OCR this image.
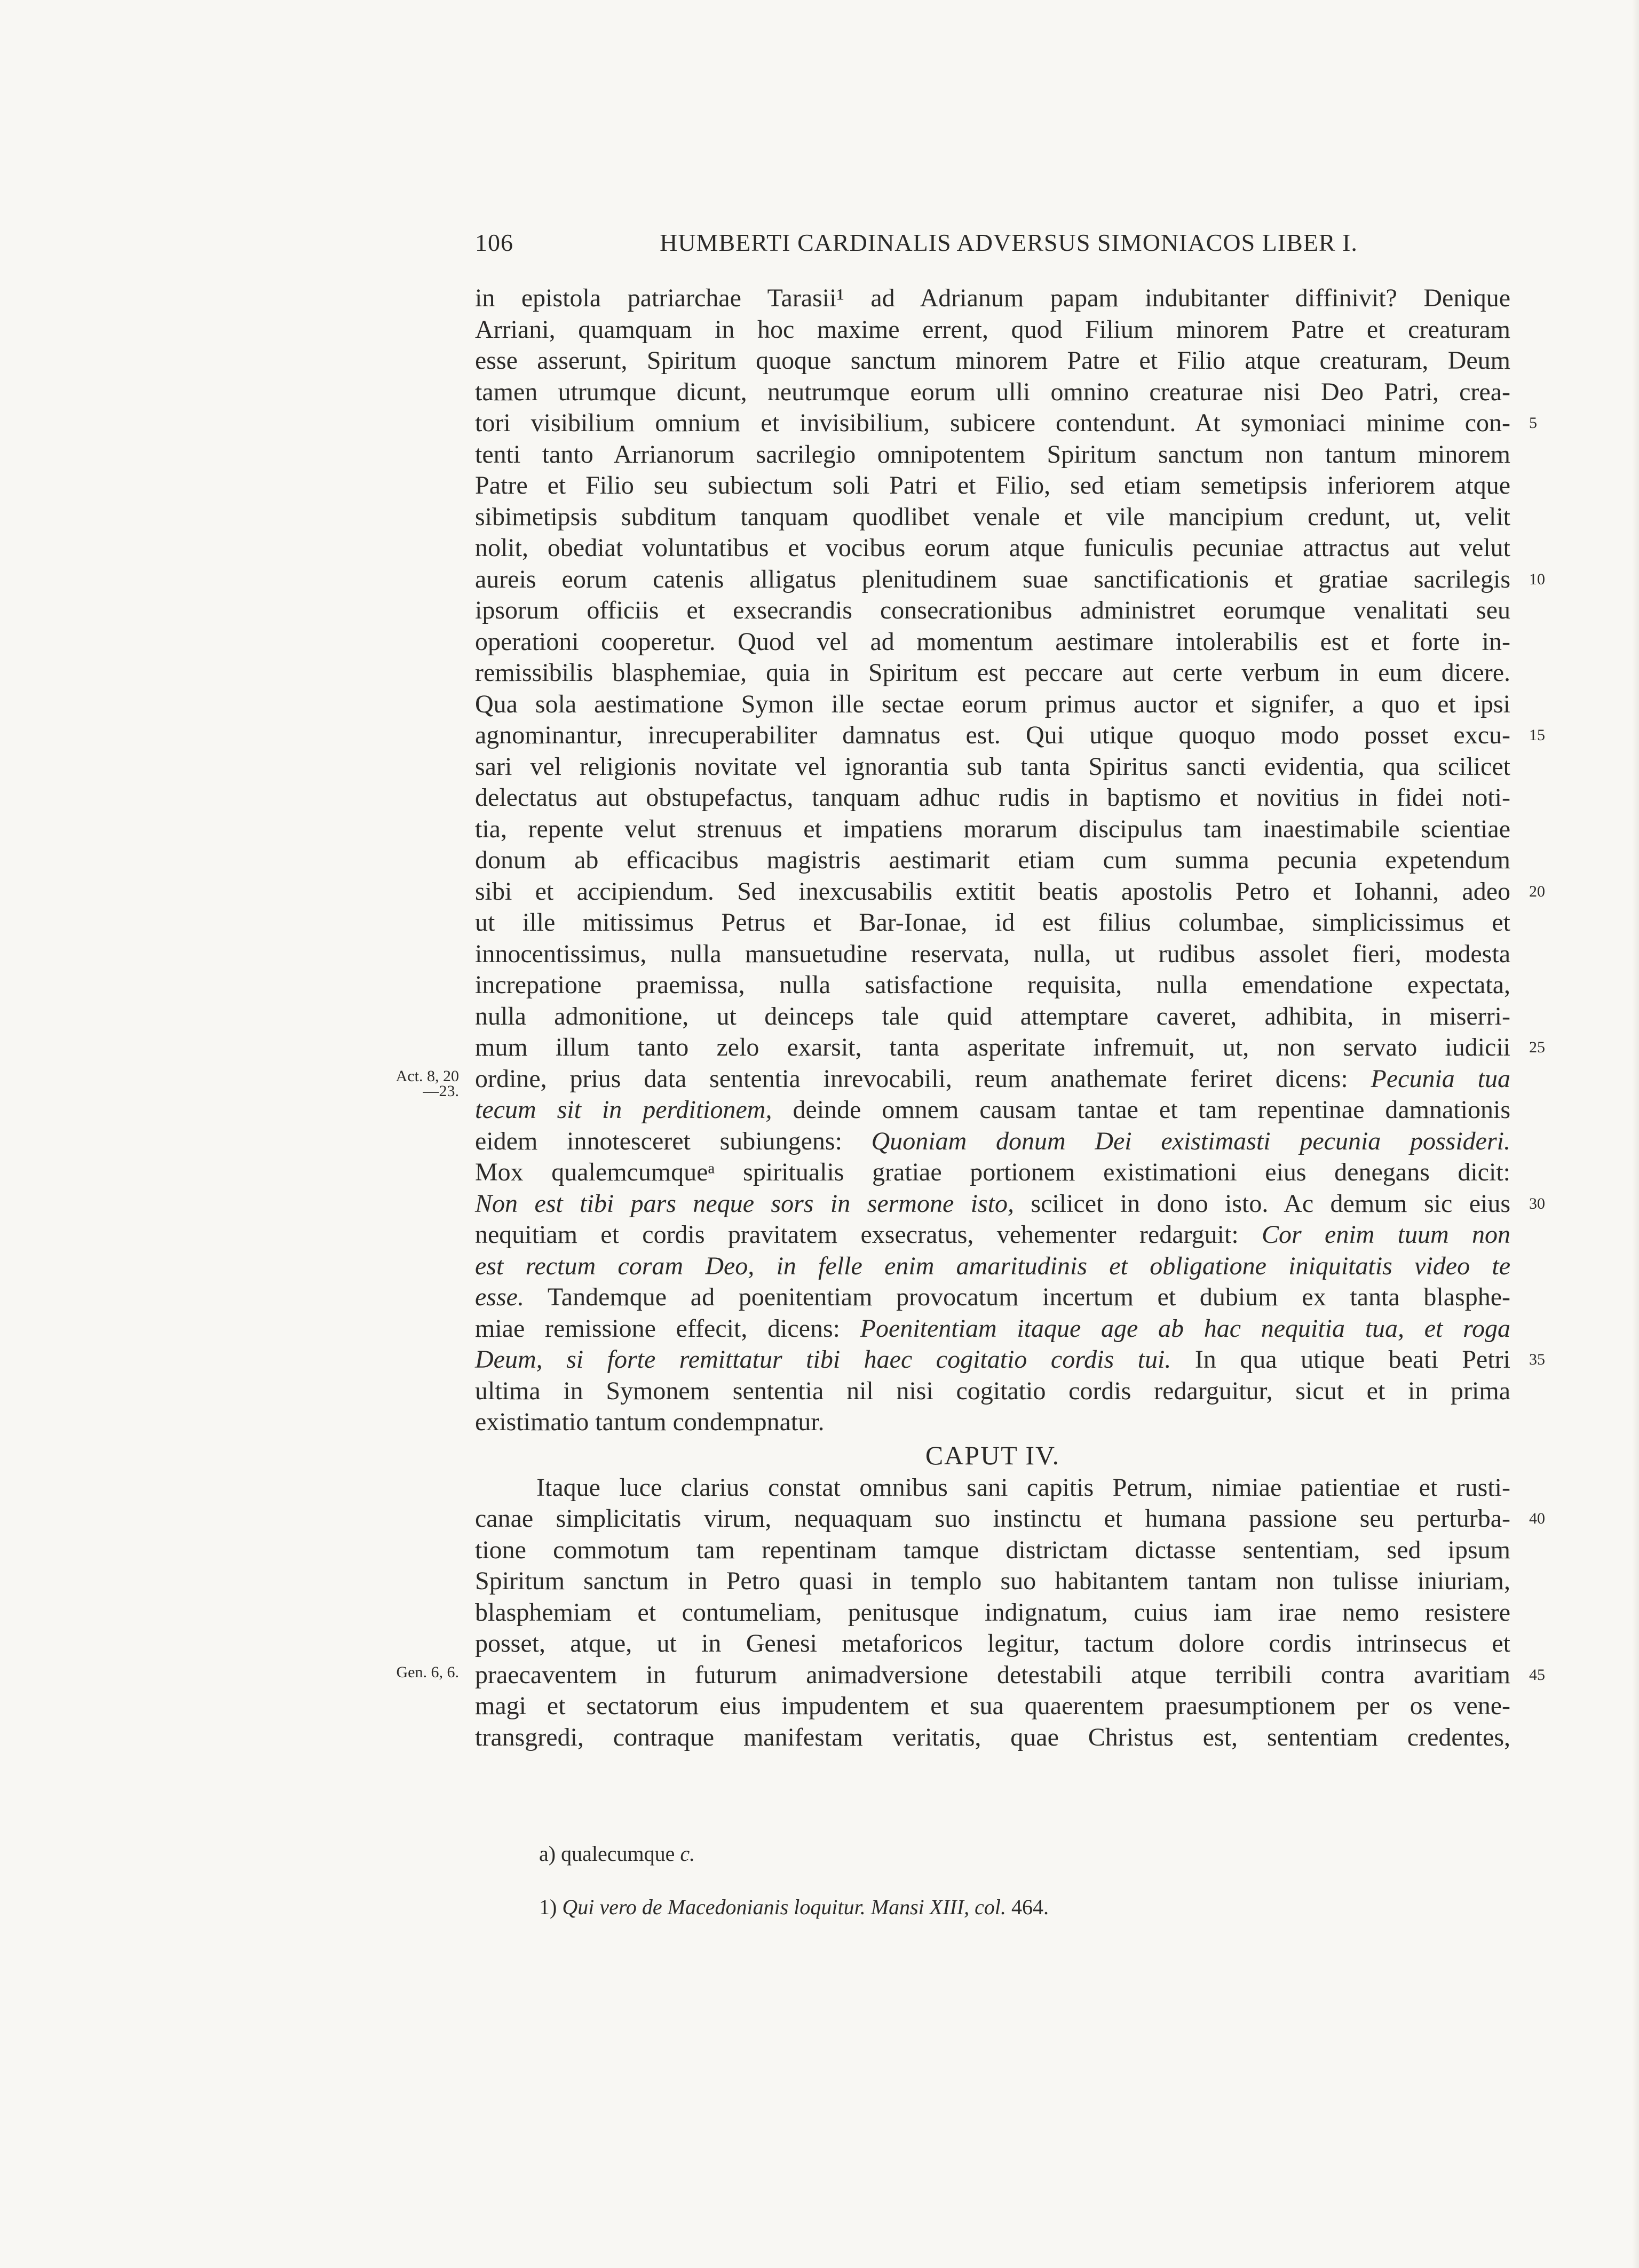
106	HUMBERTI CARDINALIS ADVERSUS SIMONIACOS LIBER I.
in epistola patriarchae Tarasii¹ ad Adrianum papam indubitanter diffinivit? Denique
Arriani, quamquam in hoc maxime errent, quod Filium minorem Patre et creaturam
esse asserunt, Spiritum quoque sanctum minorem Patre et Filio atque creaturam, Deum
tamen utrumque dicunt, neutrumque eorum ulli omnino creaturae nisi Deo Patri, crea-
tori visibilium omnium et invisibilium, subicere contendunt. At symoniaci minime con- 5
tenti tanto Arrianorum sacrilegio omnipotentem Spiritum sanctum non tantum minorem
Patre et Filio seu subiectum soli Patri et Filio, sed etiam semetipsis inferiorem atque
sibimetipsis subditum tanquam quodlibet venale et vile mancipium credunt, ut, velit
nolit, obediat voluntatibus et vocibus eorum atque funiculis pecuniae attractus aut velut
aureis eorum catenis alligatus plenitudinem suae sanctificationis et gratiae sacrilegis 10
ipsorum officiis et exsecrandis consecrationibus administret eorumque venalitati seu
operationi cooperetur. Quod vel ad momentum aestimare intolerabilis est et forte in-
remissibilis blasphemiae, quia in Spiritum est peccare aut certe verbum in eum dicere.
Qua sola aestimatione Symon ille sectae eorum primus auctor et signifer, a quo et ipsi
agnominantur, inrecuperabiliter damnatus est. Qui utique quoquo modo posset excu- 15
sari vel religionis novitate vel ignorantia sub tanta Spiritus sancti evidentia, qua scilicet
delectatus aut obstupefactus, tanquam adhuc rudis in baptismo et novitius in fidei noti-
tia, repente velut strenuus et impatiens morarum discipulus tam inaestimabile scientiae
donum ab efficacibus magistris aestimarit etiam cum summa pecunia expetendum
sibi et accipiendum. Sed inexcusabilis extitit beatis apostolis Petro et Iohanni, adeo 20
ut ille mitissimus Petrus et Bar-Ionae, id est filius columbae, simplicissimus et
innocentissimus, nulla mansuetudine reservata, nulla, ut rudibus assolet fieri, modesta
increpatione praemissa, nulla satisfactione requisita, nulla emendatione expectata,
nulla admonitione, ut deinceps tale quid attemptare caveret, adhibita, in miserri-
mum illum tanto zelo exarsit, tanta asperitate infremuit, ut, non servato iudicii 25
ordine, prius data sententia inrevocabili, reum anathemate feriret dicens: Pecunia tua
tecum sit in perditionem, deinde omnem causam tantae et tam repentinae damnationis
eidem innotesceret subiungens: Quoniam donum Dei existimasti pecunia possideri.
Mox qualemcumqueᵃ spiritualis gratiae portionem existimationi eius denegans dicit:
Non est tibi pars neque sors in sermone isto, scilicet in dono isto. Ac demum sic eius 30
nequitiam et cordis pravitatem exsecratus, vehementer redarguit: Cor enim tuum non
est rectum coram Deo, in felle enim amaritudinis et obligatione iniquitatis video te
esse. Tandemque ad poenitentiam provocatum incertum et dubium ex tanta blasphe-
miae remissione effecit, dicens: Poenitentiam itaque age ab hac nequitia tua, et roga
Deum, si forte remittatur tibi haec cogitatio cordis tui. In qua utique beati Petri 35
ultima in Symonem sententia nil nisi cogitatio cordis redarguitur, sicut et in prima
existimatio tantum condempnatur.
CAPUT IV.
Itaque luce clarius constat omnibus sani capitis Petrum, nimiae patientiae et rusti-
canae simplicitatis virum, nequaquam suo instinctu et humana passione seu perturba- 40
tione commotum tam repentinam tamque districtam dictasse sententiam, sed ipsum
Spiritum sanctum in Petro quasi in templo suo habitantem tantam non tulisse iniuriam,
blasphemiam et contumeliam, penitusque indignatum, cuius iam irae nemo resistere
posset, atque, ut in Genesi metaforicos legitur, tactum dolore cordis intrinsecus et
praecaventem in futurum animadversione detestabili atque terribili contra avaritiam 45
magi et sectatorum eius impudentem et sua quaerentem praesumptionem per os vene-
transgredi, contraque manifestam veritatis, quae Christus est, sententiam credentes,
Act. 8, 20
—23.
Gen. 6, 6.
a) qualecumque c.
1) Qui vero de Macedonianis loquitur. Mansi XIII, col. 464.
